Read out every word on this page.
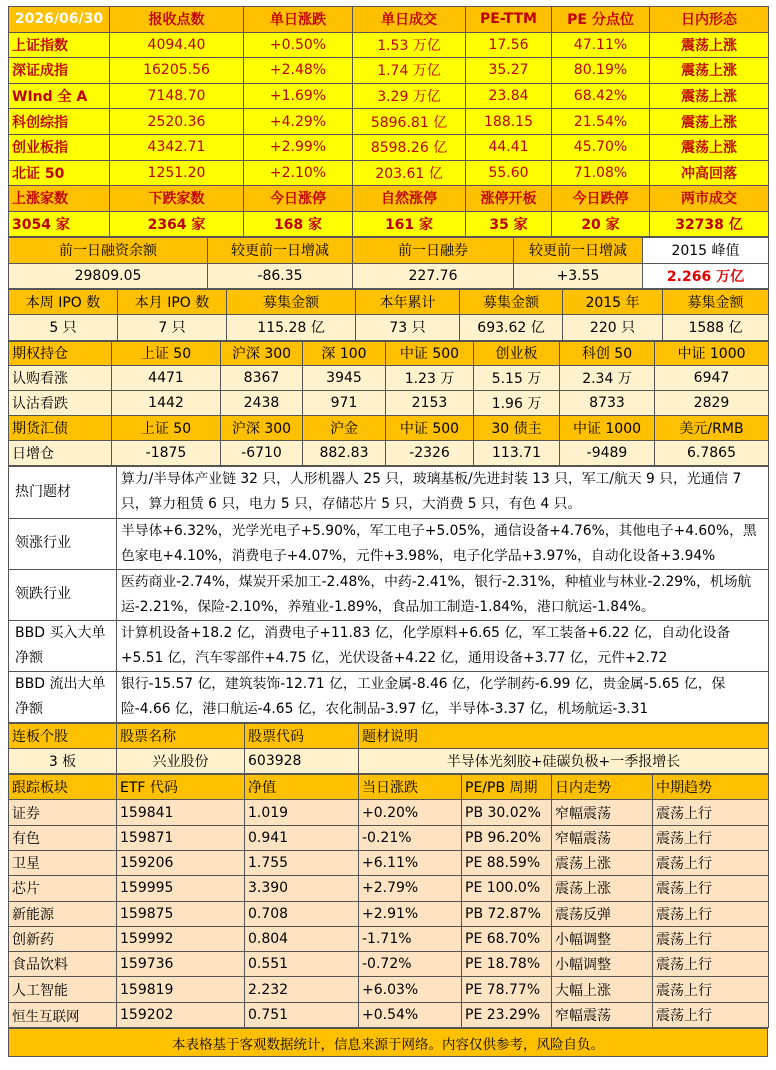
2026/06/30	报收点数	单日涨跌	单日成交	PE-TTM	PE 分点位	日内形态
上证指数	4094.40	+0.50%	1.53 万亿	17.56	47.11%	震荡上涨
深证成指	16205.56	+2.48%	1.74 万亿	35.27	80.19%	震荡上涨
WInd 全 A	7148.70	+1.69%	3.29 万亿	23.84	68.42%	震荡上涨
科创综指	2520.36	+4.29%	5896.81 亿	188.15	21.54%	震荡上涨
创业板指	4342.71	+2.99%	8598.26 亿	44.41	45.70%	震荡上涨
北证 50	1251.20	+2.10%	203.61 亿	55.60	71.08%	冲高回落
上涨家数	下跌家数	今日涨停	自然涨停	涨停开板	今日跌停	两市成交
3054 家	2364 家	168 家	161 家	35 家	20 家	32738 亿
前一日融资余额	较更前一日增减	前一日融券	较更前一日增减	2015 峰值
29809.05	-86.35	227.76	+3.55	2.266 万亿
本周 IPO 数	本月 IPO 数	募集金额	本年累计	募集金额	2015 年	募集金额
5 只	7 只	115.28 亿	73 只	693.62 亿	220 只	1588 亿
期权持仓	上证 50	沪深 300	深 100	中证 500	创业板	科创 50	中证 1000
认购看涨	4471	8367	3945	1.23 万	5.15 万	2.34 万	6947
认沽看跌	1442	2438	971	2153	1.96 万	8733	2829
期货汇债	上证 50	沪深 300	沪金	中证 500	30 债主	中证 1000	美元/RMB
日增仓	-1875	-6710	882.83	-2326	113.71	-9489	6.7865
热门题材	算力/半导体产业链 32 只，人形机器人 25 只，玻璃基板/先进封装 13 只，军工/航天 9 只，光通信 7 只，算力租赁 6 只，电力 5 只，存储芯片 5 只，大消费 5 只，有色 4 只。
领涨行业	半导体+6.32%，光学光电子+5.90%，军工电子+5.05%，通信设备+4.76%，其他电子+4.60%，黑色家电+4.10%，消费电子+4.07%，元件+3.98%，电子化学品+3.97%，自动化设备+3.94%
领跌行业	医药商业-2.74%，煤炭开采加工-2.48%，中药-2.41%，银行-2.31%，种植业与林业-2.29%，机场航运-2.21%，保险-2.10%，养殖业-1.89%，食品加工制造-1.84%，港口航运-1.84%。
BBD 买入大单净额	计算机设备+18.2 亿，消费电子+11.83 亿，化学原料+6.65 亿，军工装备+6.22 亿，自动化设备+5.51 亿，汽车零部件+4.75 亿，光伏设备+4.22 亿，通用设备+3.77 亿，元件+2.72
BBD 流出大单净额	银行-15.57 亿，建筑装饰-12.71 亿，工业金属-8.46 亿，化学制药-6.99 亿，贵金属-5.65 亿，保险-4.66 亿，港口航运-4.65 亿，农化制品-3.97 亿，半导体-3.37 亿，机场航运-3.31
连板个股	股票名称	股票代码	题材说明
3 板	兴业股份	603928	半导体光刻胶+硅碳负极+一季报增长
跟踪板块	ETF 代码	净值	当日涨跌	PE/PB 周期	日内走势	中期趋势
证券	159841	1.019	+0.20%	PB 30.02%	窄幅震荡	震荡上行
有色	159871	0.941	-0.21%	PB 96.20%	窄幅震荡	震荡上行
卫星	159206	1.755	+6.11%	PE 88.59%	震荡上涨	震荡上行
芯片	159995	3.390	+2.79%	PE 100.0%	震荡上涨	震荡上行
新能源	159875	0.708	+2.91%	PB 72.87%	震荡反弹	震荡上行
创新药	159992	0.804	-1.71%	PE 68.70%	小幅调整	震荡上行
食品饮料	159736	0.551	-0.72%	PE 18.78%	小幅调整	震荡上行
人工智能	159819	2.232	+6.03%	PE 78.77%	大幅上涨	震荡上行
恒生互联网	159202	0.751	+0.54%	PE 23.29%	窄幅震荡	震荡上行
本表格基于客观数据统计，信息来源于网络。内容仅供参考，风险自负。
